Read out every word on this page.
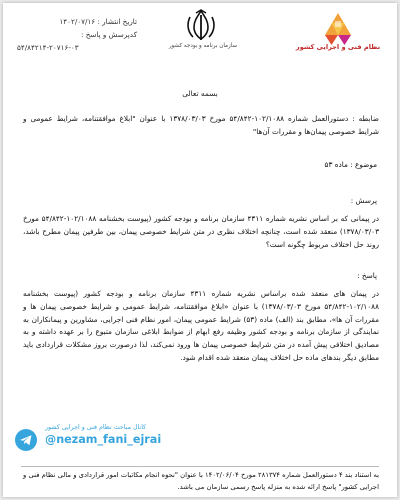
تاریخ انتشار : ۱۴۰۲/۰۷/۱۶
کدپرسش و پاسخ :
۵۴/۸۴۲۱۴-۲۰۷۱۶-۰۳	سازمان برنامه و بودجه کشور	نظام فنی و اجرایی کشور
بسمه تعالی
ضابطه : دستورالعمل شماره ۱۰۲/۱۰۸۸-۵۴/۸۴۲ مورخ ۱۳۷۸/۰۳/۰۳ با عنوان "ابلاغ موافقتنامه، شرایط عمومی و شرایط خصوصی پیمان‌ها و مقررات آن‌ها"
موضوع : ماده ۵۳
پرسش :
در پیمانی که بر اساس نشریه شماره ۴۳۱۱ سازمان برنامه و بودجه کشور (پیوست بخشنامه ۱۰۲/۱۰۸۸-۵۴/۸۴۲ مورخ ۱۳۷۸/۰۳/۰۳) منعقد شده است، چنانچه اختلاف نظری در متن شرایط خصوصی پیمان، بین طرفین پیمان مطرح باشد، روند حل اختلاف مربوط چگونه است؟
پاسخ :
در پیمان های منعقد شده براساس نشریه شماره ۴۳۱۱ سازمان برنامه و بودجه کشور (پیوست بخشنامه ۱۰۲/۱۰۸۸-۵۴/۸۴۲ مورخ ۱۳۷۸/۰۳/۰۳) با عنوان «ابلاغ موافقتنامه، شرایط عمومی و شرایط خصوصی پیمان ها و مقررات آن ها»، مطابق بند (الف) ماده (۵۳) شرایط عمومی پیمان، امور نظام فنی اجرایی، مشاورین و پیمانکاران به نمایندگی از سازمان برنامه و بودجه کشور وظیفه رفع ابهام از ضوابط ابلاغی سازمان متبوع را بر عهده داشته و به مصادیق اختلافی پیش آمده در متن شرایط خصوصی پیمان ها ورود نمی‌کند، لذا درصورت بروز مشکلات قراردادی باید مطابق دیگر بندهای ماده حل اختلاف پیمان منعقد شده اقدام شود.
کانال مباحث نظام فنی و اجرایی کشور
@nezam_fani_ejrai
به استناد بند ۴ دستورالعمل شماره ۲۸۱۳۷۴ مورخ ۱۴۰۲/۰۶/۰۴ با عنوان "نحوه انجام مکاتبات امور قراردادی و مالی نظام فنی و اجرایی کشور" پاسخ ارائه شده به منزله پاسخ رسمی سازمان می باشد.
